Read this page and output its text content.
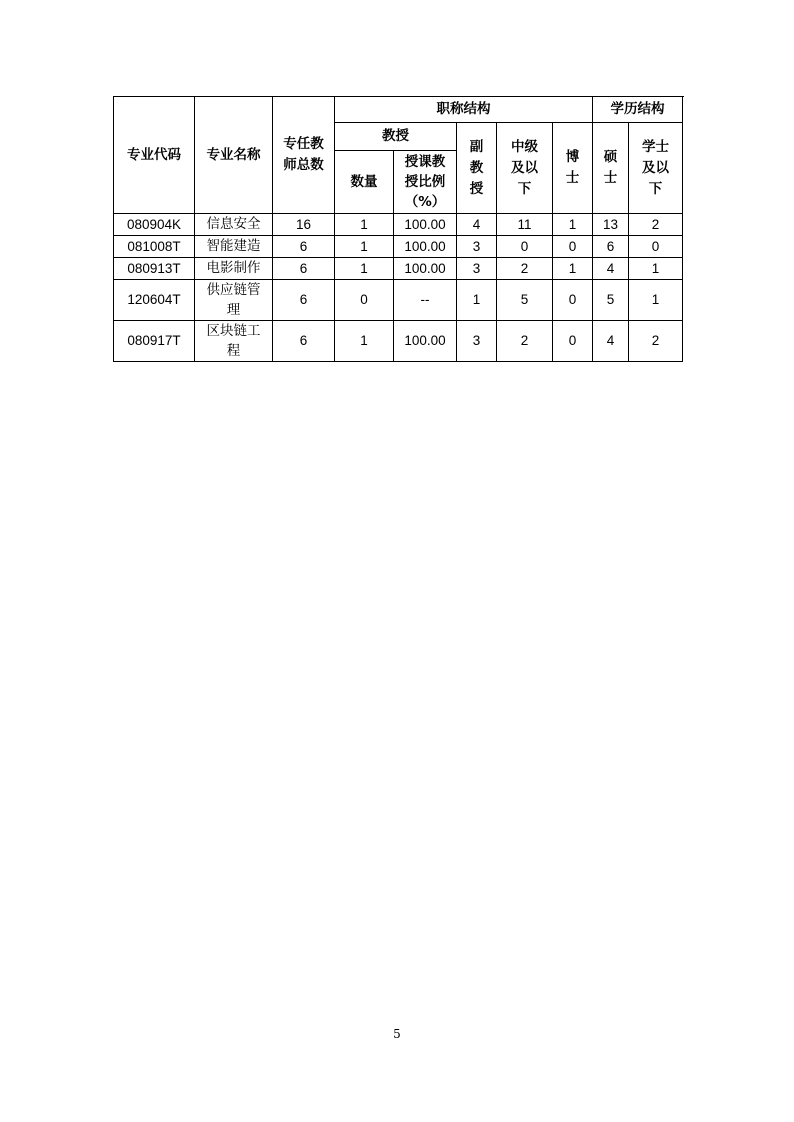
专业代码	专业名称	专任教师总数	职称结构					学历结构	
			教授		副教授	中级及以下	博士	硕士	学士及以下

			数量	授课教授比例（%）					

080904K	信息安全	16	1	100.00	4	11	1	13	2
081008T	智能建造	6	1	100.00	3	0	0	6	0
080913T	电影制作	6	1	100.00	3	2	1	4	1
120604T	供应链管理	6	0	--	1	5	0	5	1
080917T	区块链工程	6	1	100.00	3	2	0	4	2
5
